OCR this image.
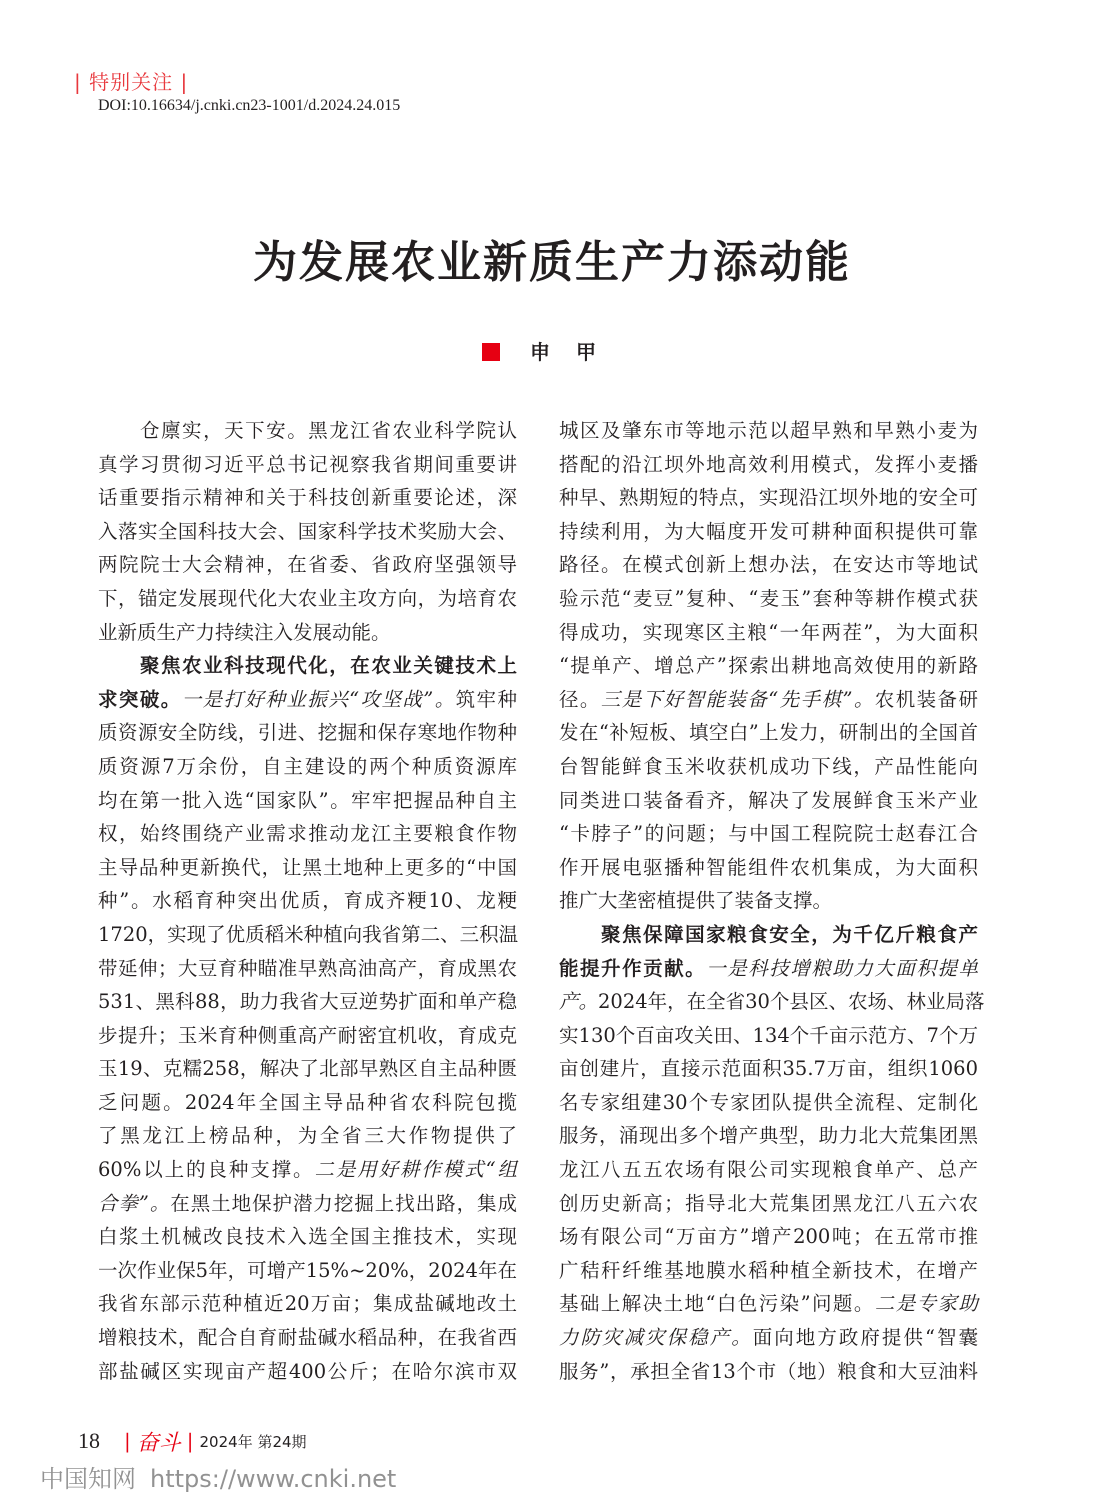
| 特别关注 |
DOI:10.16634/j.cnki.cn23-1001/d.2024.24.015
为发展农业新质生产力添动能
申甲
仓廪实，天下安。黑龙江省农业科学院认
真学习贯彻习近平总书记视察我省期间重要讲
话重要指示精神和关于科技创新重要论述，深
入落实全国科技大会、国家科学技术奖励大会、
两院院士大会精神，在省委、省政府坚强领导
下，锚定发展现代化大农业主攻方向，为培育农
业新质生产力持续注入发展动能。
聚焦农业科技现代化，在农业关键技术上
求突破。一是打好种业振兴“攻坚战”。筑牢种
质资源安全防线，引进、挖掘和保存寒地作物种
质资源7万余份，自主建设的两个种质资源库
均在第一批入选“国家队”。牢牢把握品种自主
权，始终围绕产业需求推动龙江主要粮食作物
主导品种更新换代，让黑土地种上更多的“中国
种”。水稻育种突出优质，育成齐粳10、龙粳
1720，实现了优质稻米种植向我省第二、三积温
带延伸；大豆育种瞄准早熟高油高产，育成黑农
531、黑科88，助力我省大豆逆势扩面和单产稳
步提升；玉米育种侧重高产耐密宜机收，育成克
玉19、克糯258，解决了北部早熟区自主品种匮
乏问题。2024年全国主导品种省农科院包揽
了黑龙江上榜品种，为全省三大作物提供了
60%以上的良种支撑。二是用好耕作模式“组
合拳”。在黑土地保护潜力挖掘上找出路，集成
白浆土机械改良技术入选全国主推技术，实现
一次作业保5年，可增产15%~20%，2024年在
我省东部示范种植近20万亩；集成盐碱地改土
增粮技术，配合自育耐盐碱水稻品种，在我省西
部盐碱区实现亩产超400公斤；在哈尔滨市双
城区及肇东市等地示范以超早熟和早熟小麦为
搭配的沿江坝外地高效利用模式，发挥小麦播
种早、熟期短的特点，实现沿江坝外地的安全可
持续利用，为大幅度开发可耕种面积提供可靠
路径。在模式创新上想办法，在安达市等地试
验示范“麦豆”复种、“麦玉”套种等耕作模式获
得成功，实现寒区主粮“一年两茬”，为大面积
“提单产、增总产”探索出耕地高效使用的新路
径。三是下好智能装备“先手棋”。农机装备研
发在“补短板、填空白”上发力，研制出的全国首
台智能鲜食玉米收获机成功下线，产品性能向
同类进口装备看齐，解决了发展鲜食玉米产业
“卡脖子”的问题；与中国工程院院士赵春江合
作开展电驱播种智能组件农机集成，为大面积
推广大垄密植提供了装备支撑。
聚焦保障国家粮食安全，为千亿斤粮食产
能提升作贡献。一是科技增粮助力大面积提单
产。2024年，在全省30个县区、农场、林业局落
实130个百亩攻关田、134个千亩示范方、7个万
亩创建片，直接示范面积35.7万亩，组织1060
名专家组建30个专家团队提供全流程、定制化
服务，涌现出多个增产典型，助力北大荒集团黑
龙江八五五农场有限公司实现粮食单产、总产
创历史新高；指导北大荒集团黑龙江八五六农
场有限公司“万亩方”增产200吨；在五常市推
广秸秆纤维基地膜水稻种植全新技术，在增产
基础上解决土地“白色污染”问题。二是专家助
力防灾减灾保稳产。面向地方政府提供“智囊
服务”，承担全省13个市（地）粮食和大豆油料
18 | 奋斗 | 2024年 第24期
中国知网 https://www.cnki.net
